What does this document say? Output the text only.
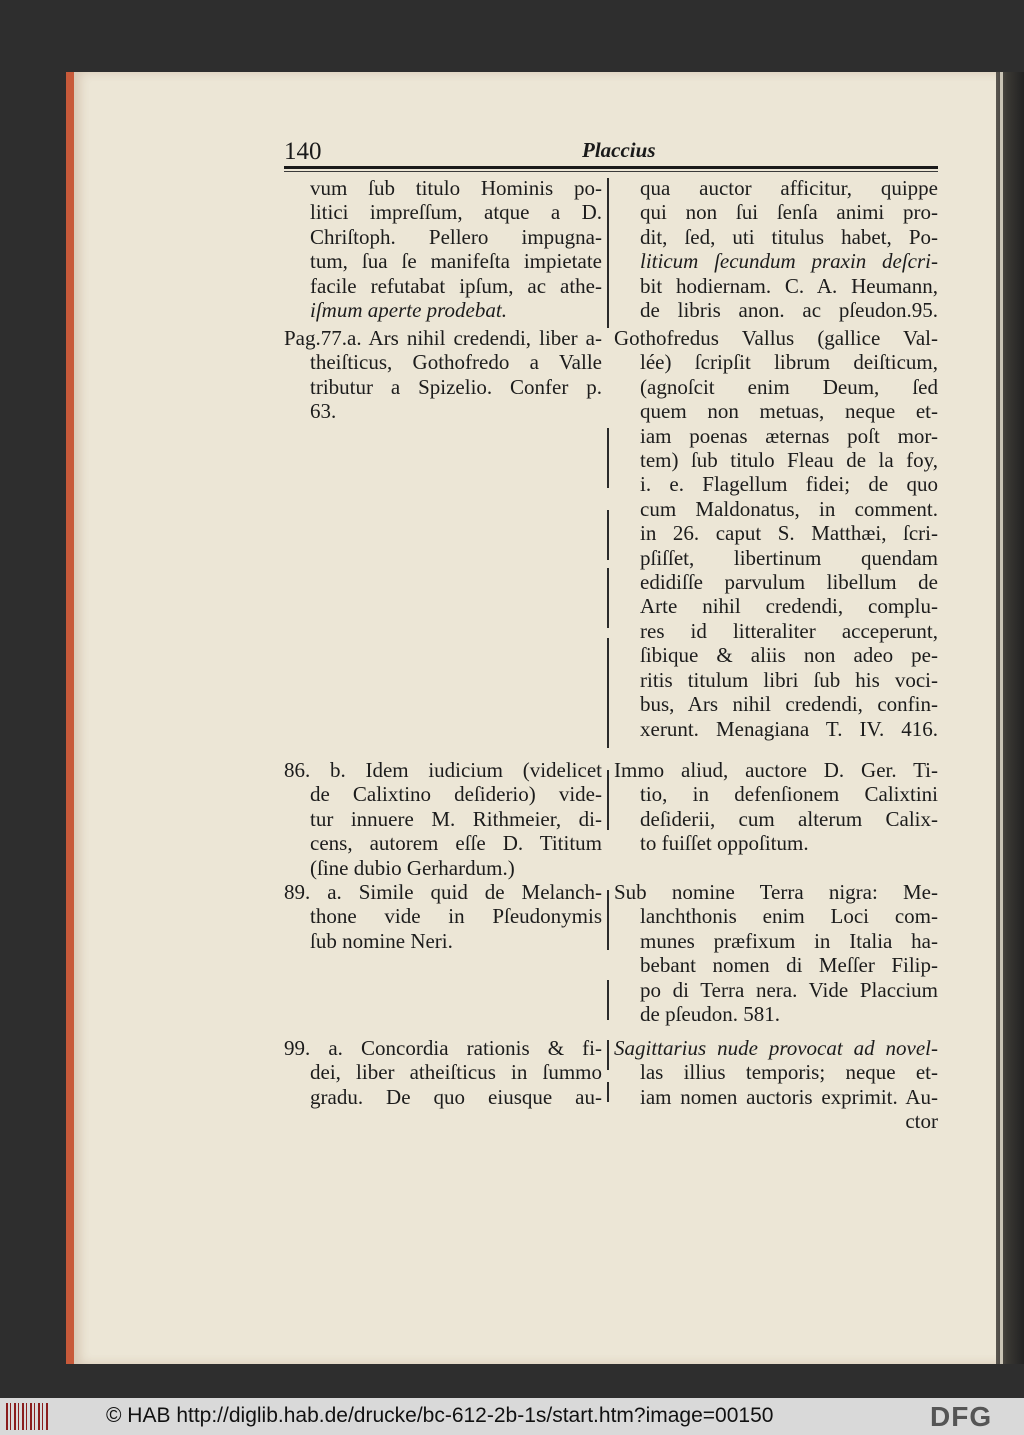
140	Placcius
vum ſub titulo Hominis po-
litici impreſſum, atque a D.
Chriſtoph. Pellero impugna-
tum, ſua ſe manifeſta impietate
facile refutabat ipſum, ac athe-
iſmum aperte prodebat.
Pag.77.a. Ars nihil credendi, liber a-
theiſticus, Gothofredo a Valle
tributur a Spizelio. Confer p.
63.
86. b. Idem iudicium (videlicet
de Calixtino deſiderio) vide-
tur innuere M. Rithmeier, di-
cens, autorem eſſe D. Tititum
(ſine dubio Gerhardum.)
89. a. Simile quid de Melanch-
thone vide in Pſeudonymis
ſub nomine Neri.
99. a. Concordia rationis & fi-
dei, liber atheiſticus in ſummo
gradu. De quo eiusque au-
qua auctor afficitur, quippe
qui non ſui ſenſa animi pro-
dit, ſed, uti titulus habet, Po-
liticum ſecundum praxin deſcri-
bit hodiernam. C. A. Heumann,
de libris anon. ac pſeudon.95.
Gothofredus Vallus (gallice Val-
lée) ſcripſit librum deiſticum,
(agnoſcit enim Deum, ſed
quem non metuas, neque et-
iam poenas æternas poſt mor-
tem) ſub titulo Fleau de la foy,
i. e. Flagellum fidei; de quo
cum Maldonatus, in comment.
in 26. caput S. Matthæi, ſcri-
pſiſſet, libertinum quendam
edidiſſe parvulum libellum de
Arte nihil credendi, complu-
res id litteraliter acceperunt,
ſibique & aliis non adeo pe-
ritis titulum libri ſub his voci-
bus, Ars nihil credendi, confin-
xerunt. Menagiana T. IV. 416.
Immo aliud, auctore D. Ger. Ti-
tio, in defenſionem Calixtini
deſiderii, cum alterum Calix-
to fuiſſet oppoſitum.
Sub nomine Terra nigra: Me-
lanchthonis enim Loci com-
munes præfixum in Italia ha-
bebant nomen di Meſſer Filip-
po di Terra nera. Vide Placcium
de pſeudon. 581.
Sagittarius nude provocat ad novel-
las illius temporis; neque et-
iam nomen auctoris exprimit. Au-
ctor
© HAB http://diglib.hab.de/drucke/bc-612-2b-1s/start.htm?image=00150	DFG
